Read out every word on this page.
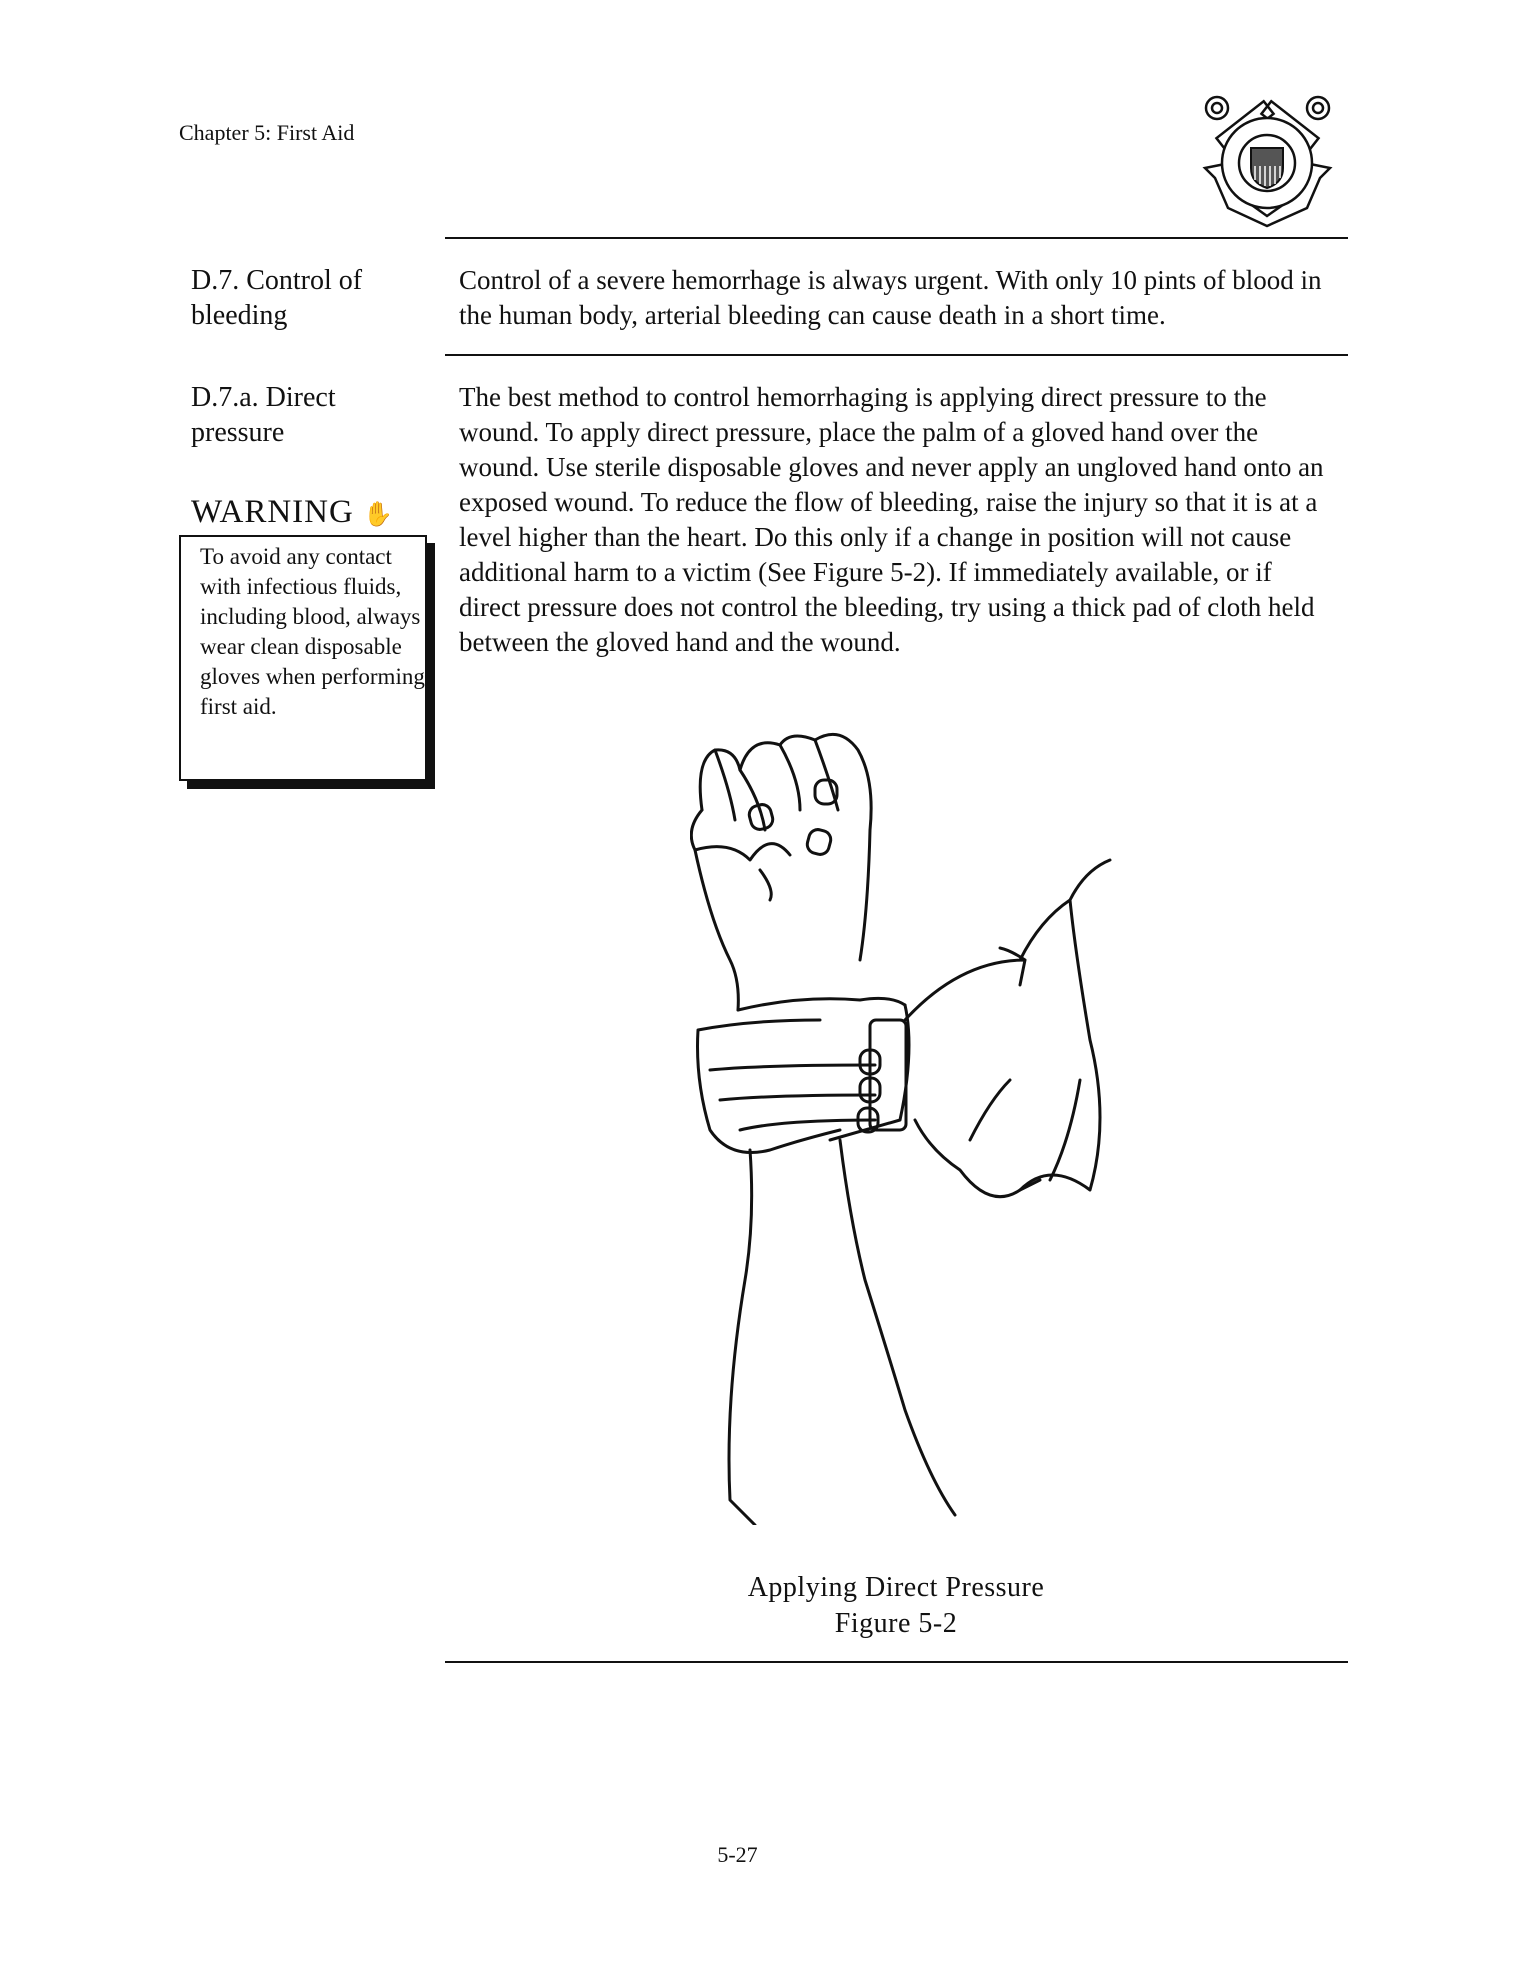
Chapter 5: First Aid
D.7. Control of bleeding
Control of a severe hemorrhage is always urgent. With only 10 pints of blood in the human body, arterial bleeding can cause death in a short time.
D.7.a. Direct pressure
The best method to control hemorrhaging is applying direct pressure to the wound. To apply direct pressure, place the palm of a gloved hand over the wound. Use sterile disposable gloves and never apply an ungloved hand onto an exposed wound. To reduce the flow of bleeding, raise the injury so that it is at a level higher than the heart. Do this only if a change in position will not cause additional harm to a victim (See Figure 5-2). If immediately available, or if direct pressure does not control the bleeding, try using a thick pad of cloth held between the gloved hand and the wound.
WARNING ✋
To avoid any contact with infectious fluids, including blood, always wear clean disposable gloves when performing first aid.
Applying Direct Pressure
Figure 5-2
5-27
